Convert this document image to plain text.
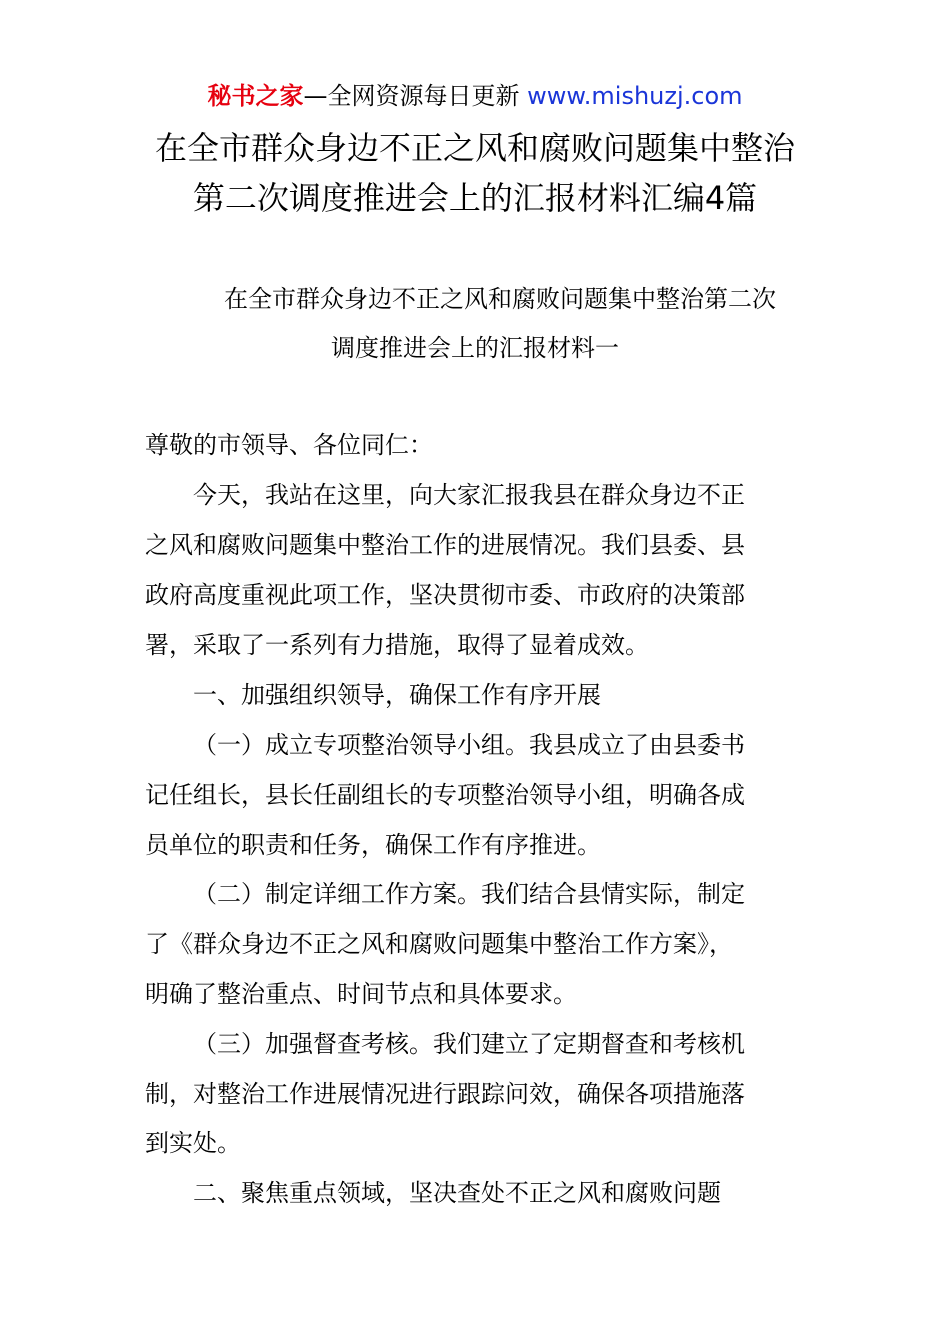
秘书之家—全网资源每日更新 www.mishuzj.com
在全市群众身边不正之风和腐败问题集中整治
第二次调度推进会上的汇报材料汇编4篇
在全市群众身边不正之风和腐败问题集中整治第二次
调度推进会上的汇报材料一
尊敬的市领导、各位同仁：
今天，我站在这里，向大家汇报我县在群众身边不正
之风和腐败问题集中整治工作的进展情况。我们县委、县
政府高度重视此项工作，坚决贯彻市委、市政府的决策部
署，采取了一系列有力措施，取得了显着成效。
一、加强组织领导，确保工作有序开展
（一）成立专项整治领导小组。我县成立了由县委书
记任组长，县长任副组长的专项整治领导小组，明确各成
员单位的职责和任务，确保工作有序推进。
（二）制定详细工作方案。我们结合县情实际，制定
了《群众身边不正之风和腐败问题集中整治工作方案》，
明确了整治重点、时间节点和具体要求。
（三）加强督查考核。我们建立了定期督查和考核机
制，对整治工作进展情况进行跟踪问效，确保各项措施落
到实处。
二、聚焦重点领域，坚决查处不正之风和腐败问题
